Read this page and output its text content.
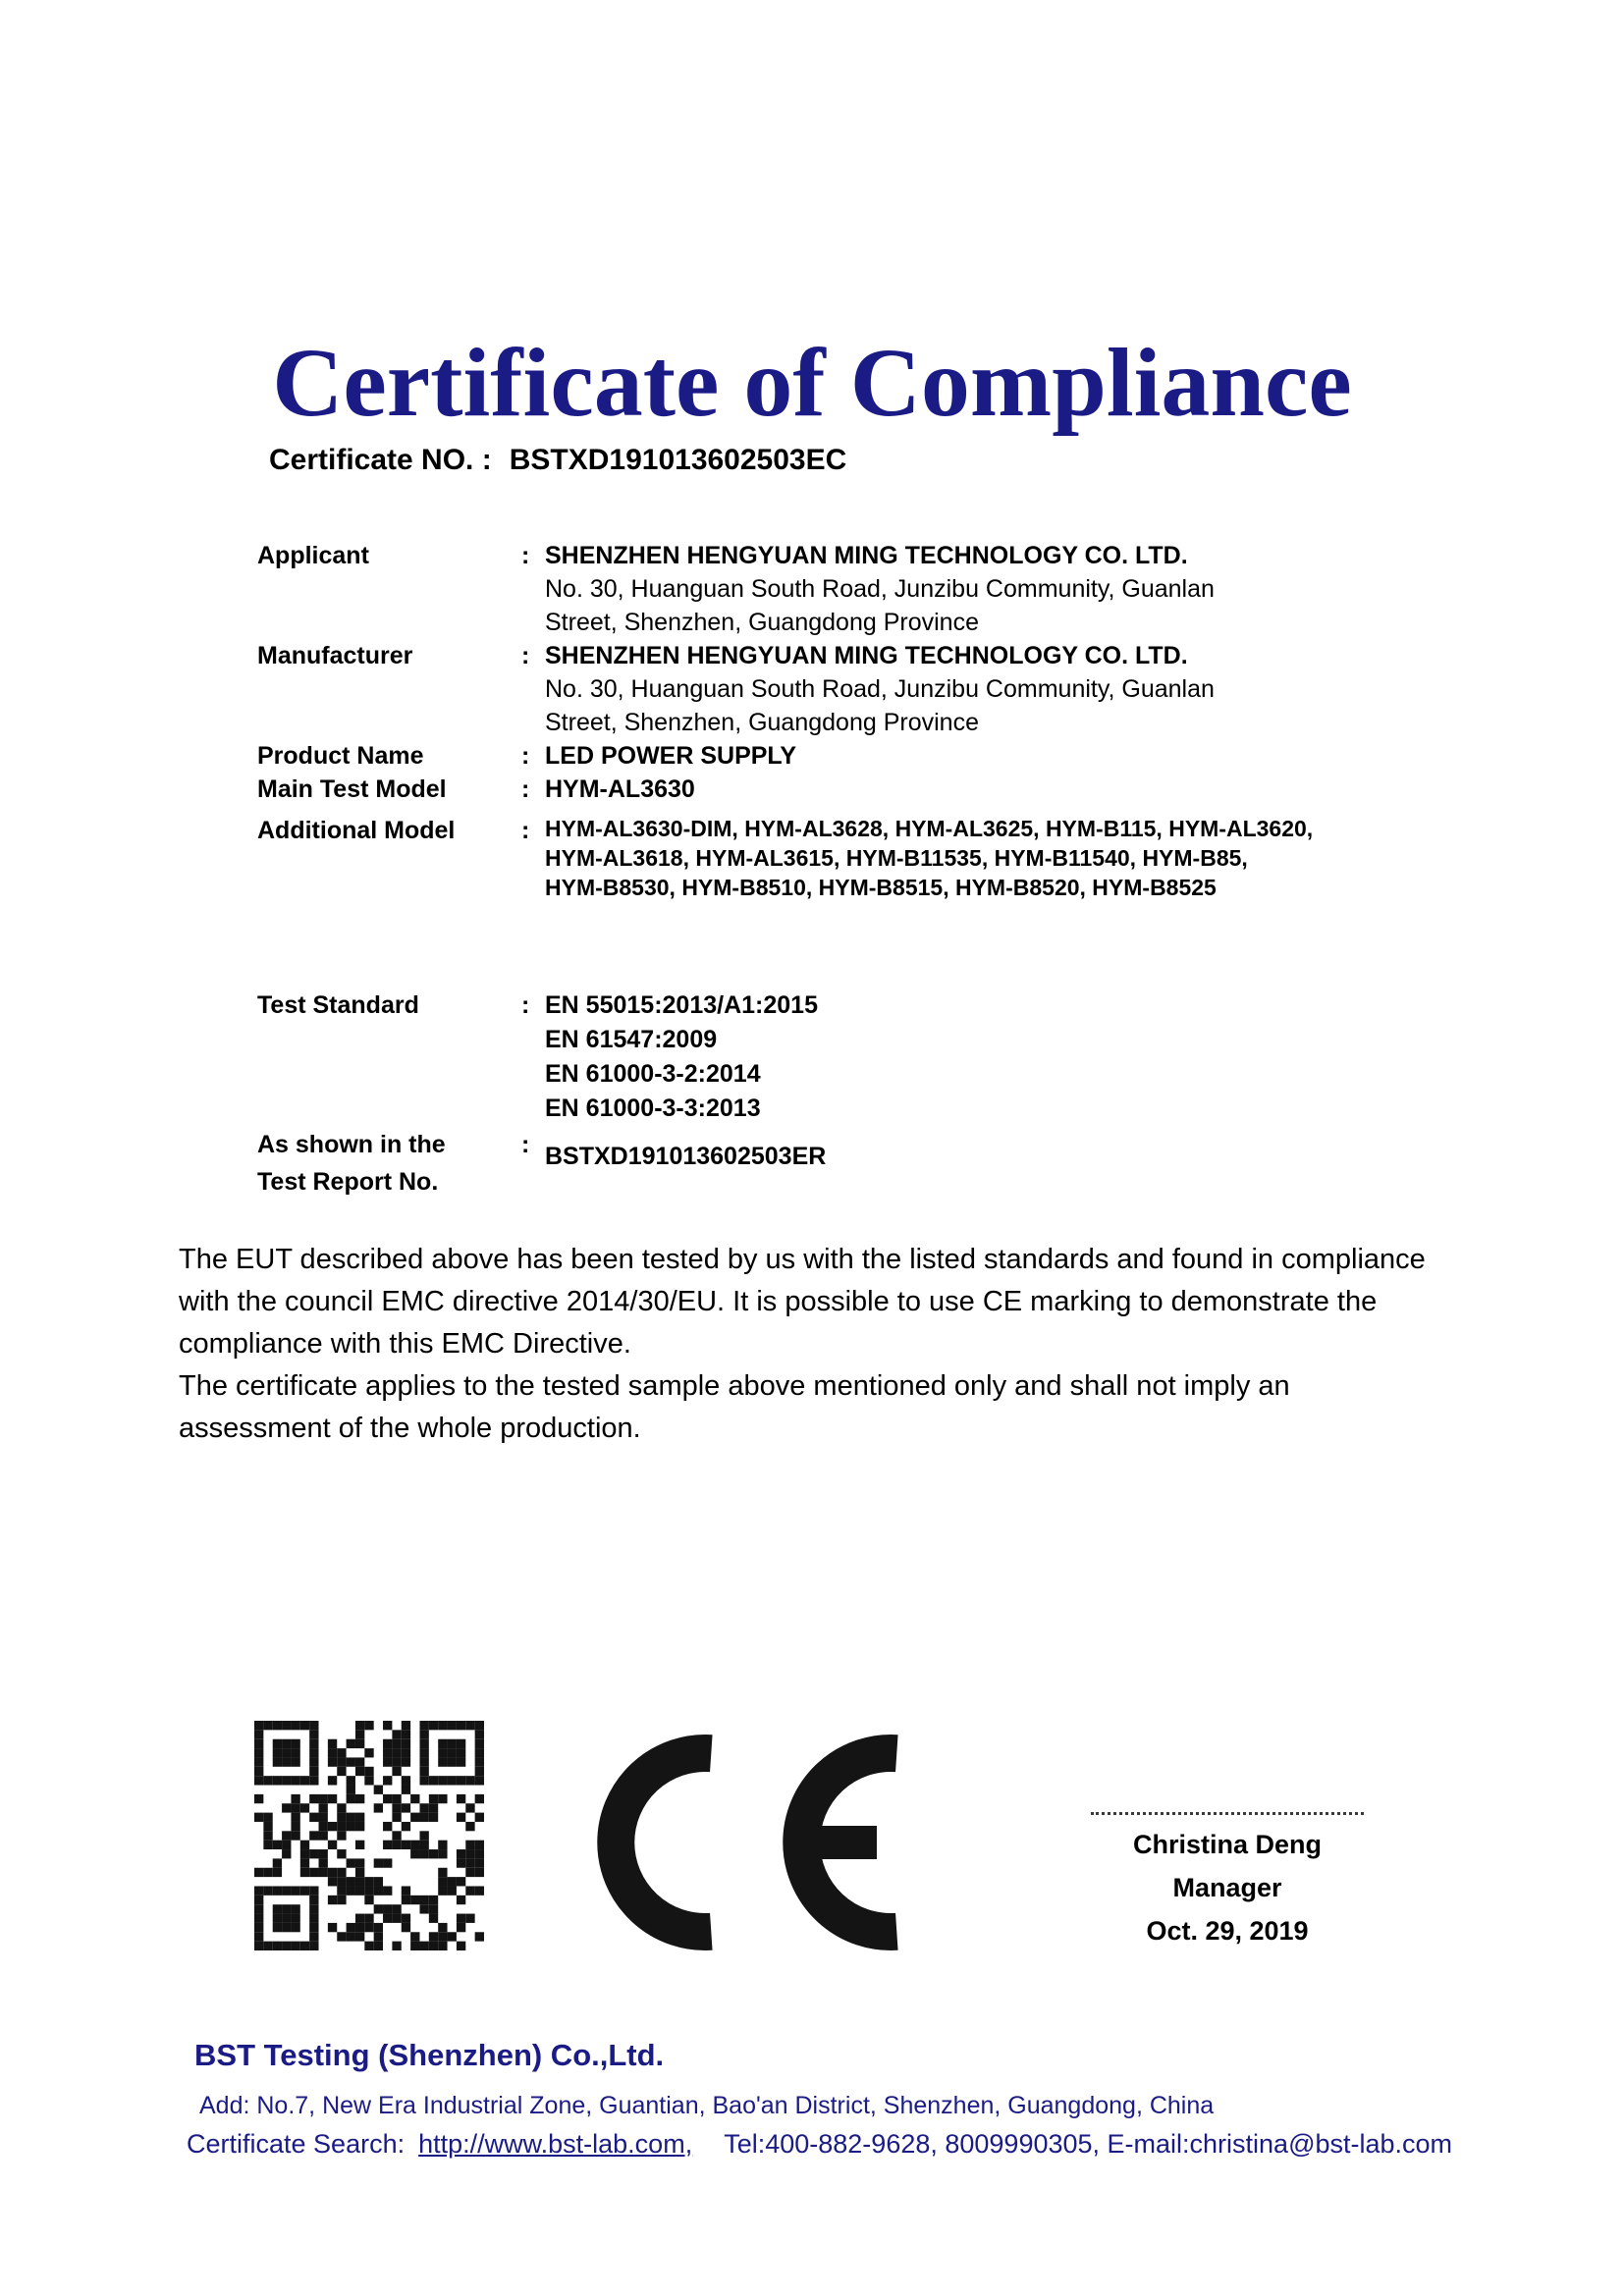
Certificate of Compliance
Certificate NO. : BSTXD191013602503EC
Applicant	: SHENZHEN HENGYUAN MING TECHNOLOGY CO. LTD.
No. 30, Huanguan South Road, Junzibu Community, Guanlan
Street, Shenzhen, Guangdong Province
Manufacturer	: SHENZHEN HENGYUAN MING TECHNOLOGY CO. LTD.
No. 30, Huanguan South Road, Junzibu Community, Guanlan
Street, Shenzhen, Guangdong Province
Product Name	: LED POWER SUPPLY
Main Test Model	: HYM-AL3630
Additional Model	: HYM-AL3630-DIM, HYM-AL3628, HYM-AL3625, HYM-B115, HYM-AL3620,
HYM-AL3618, HYM-AL3615, HYM-B11535, HYM-B11540, HYM-B85,
HYM-B8530, HYM-B8510, HYM-B8515, HYM-B8520, HYM-B8525
Test Standard	: EN 55015:2013/A1:2015
EN 61547:2009
EN 61000-3-2:2014
EN 61000-3-3:2013
As shown in the
Test Report No.
: BSTXD191013602503ER

The EUT described above has been tested by us with the listed standards and found in compliance with the council EMC directive 2014/30/EU. It is possible to use CE marking to demonstrate the compliance with this EMC Directive.

The certificate applies to the tested sample above mentioned only and shall not imply an assessment of the whole production.

Christina Deng
Manager
Oct. 29, 2019
BST Testing (Shenzhen) Co.,Ltd.
Add: No.7, New Era Industrial Zone, Guantian, Bao'an District, Shenzhen, Guangdong, China
Certificate Search: http://www.bst-lab.com, Tel:400-882-9628, 8009990305, E-mail:christina@bst-lab.com
